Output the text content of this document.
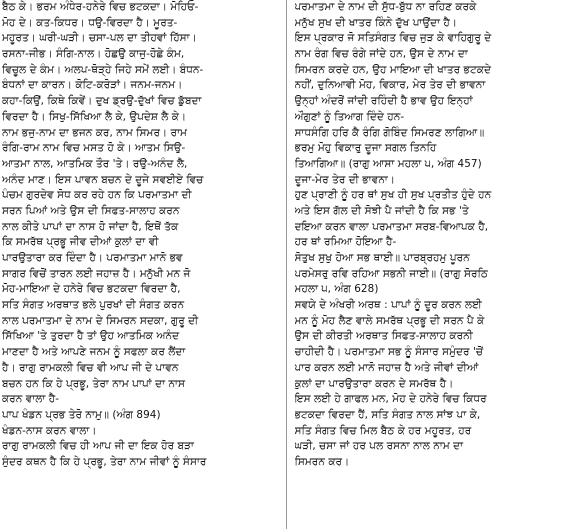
ਬੈਠ ਕੇ। ਭਰਮ ਅੰਧੇਰ-ਹਨੇਰੇ ਵਿਚ ਭਟਕਦਾ। ਮੋਹਿਓ-
ਮੋਹ ਦੇ। ਕਤ-ਕਿਧਰ। ਧਉ-ਵਿਰਦਾ ਹੈ। ਮੂਰਤ-
ਮਹੂਰਤ। ਘਰੀ-ਘੜੀ। ਚਸਾ-ਪਲ ਦਾ ਤੀਹਵਾਂ ਹਿੱਸਾ।
ਰਸਨਾ-ਜੀਭ। ਸੰਗਿ-ਨਾਲ। ਹੋਛਉ ਕਾਜੁ-ਹੋਛੇ ਕੰਮ,
ਵਿਚੂਲ ਦੇ ਕੰਮ। ਅਲਪ-ਥੋੜ੍ਹੇ ਜਿਹੇ ਸਮੇਂ ਲਈ। ਬੰਧਨ-
ਬੰਧਨਾਂ ਦਾ ਕਾਰਨ। ਕੋਟਿ-ਕਰੋੜਾਂ। ਜਨਮ-ਜਨਮ।
ਕਹਾ-ਕਿਉਂ, ਕਿਥੇ ਕਿਵੇਂ। ਦੁਖ ਡ੍ਰਉ-ਦੁੱਖਾਂ ਵਿਚ ਡੁੱਬਦਾ
ਵਿਰਦਾ ਹੈ। ਸਿਖੁ-ਸਿੱਖਿਆ ਲੈ ਕੇ, ਉਪਦੇਸ਼ ਲੈ ਕੇ।
ਨਾਮ ਭਜੁ-ਨਾਮ ਦਾ ਭਜਨ ਕਰ, ਨਾਮ ਸਿਮਰ। ਰਾਮ
ਰੰਗਿ-ਰਾਮ ਨਾਮ ਵਿਚ ਮਸਤ ਹੋ ਕੇ। ਆਤਮ ਸਿਉ-
ਆਤਮਾ ਨਾਲ, ਆਤਮਿਕ ਤੌਰ 'ਤੇ। ਰਉ-ਅਨੰਦ ਲੈ,
ਅਨੰਦ ਮਾਣ। ਇਸ ਪਾਵਨ ਬਚਨ ਦੇ ਦੂਜੇ ਸਵਈਏ ਵਿਚ
ਪੰਚਮ ਗੁਰਦੇਵ ਸੋਧ ਕਰ ਰਹੇ ਹਨ ਕਿ ਪਰਮਾਤਮਾ ਦੀ
ਸਰਨ ਪਿਆਂ ਅਤੇ ਉਸ ਦੀ ਸਿਫਤ-ਸਾਲਾਹ ਕਰਨ
ਨਾਲ ਕੀਤੇ ਪਾਪਾਂ ਦਾ ਨਾਸ ਹੋ ਜਾਂਦਾ ਹੈ, ਇਥੋਂ ਤੱਕ
ਕਿ ਸਮਰੱਥ ਪ੍ਰਭੂ ਜੀਵ ਦੀਆਂ ਕੁਲਾਂ ਦਾ ਵੀ
ਪਾਰਉਤਾਰਾ ਕਰ ਦਿੰਦਾ ਹੈ। ਪਰਮਾਤਮਾ ਮਾਨੋ ਭਵ
ਸਾਗਰ ਵਿਚੋਂ ਤਾਰਨ ਲਈ ਜਹਾਜ਼ ਹੈ। ਮਨੁੱਖੀ ਮਨ ਜੋ
ਮੋਹ-ਮਾਇਆ ਦੇ ਹਨੇਰੇ ਵਿਚ ਭਟਕਦਾ ਵਿਰਦਾ ਹੈ,
ਸਤਿ ਸੰਗਤ ਅਰਥਾਤ ਭਲੇ ਪੁਰਖਾਂ ਦੀ ਸੰਗਤ ਕਰਨ
ਨਾਲ ਪਰਮਾਤਮਾ ਦੇ ਨਾਮ ਦੇ ਸਿਮਰਨ ਸਦਕਾ, ਗੁਰੂ ਦੀ
ਸਿੱਖਿਆ 'ਤੇ ਤੁਰਦਾ ਹੈ ਤਾਂ ਉਹ ਆਤਮਿਕ ਅਨੰਦ
ਮਾਣਦਾ ਹੈ ਅਤੇ ਆਪਣੇ ਜਨਮ ਨੂੰ ਸਫਲਾ ਕਰ ਲੈਂਦਾ
ਹੈ। ਰਾਗੁ ਰਾਮਕਲੀ ਵਿਚ ਵੀ ਆਪ ਜੀ ਦੇ ਪਾਵਨ
ਬਚਨ ਹਨ ਕਿ ਹੇ ਪ੍ਰਭੂ, ਤੇਰਾ ਨਾਮ ਪਾਪਾਂ ਦਾ ਨਾਸ
ਕਰਨ ਵਾਲਾ ਹੈ-
ਪਾਪ ਖੰਡਨ ਪ੍ਰਭ ਤੇਰੋ ਨਾਮੁ॥ (ਅੰਗ 894)
ਖੰਡਨ-ਨਾਸ ਕਰਨ ਵਾਲਾ।
ਰਾਗੁ ਰਾਮਕਲੀ ਵਿਚ ਹੀ ਆਪ ਜੀ ਦਾ ਇਕ ਹੋਰ ਬੜਾ
ਸੁੰਦਰ ਕਥਨ ਹੈ ਕਿ ਹੇ ਪ੍ਰਭੂ, ਤੇਰਾ ਨਾਮ ਜੀਵਾਂ ਨੂੰ ਸੰਸਾਰ
ਪਰਮਾਤਮਾ ਦੇ ਨਾਮ ਦੀ ਸੁੱਧ-ਬੁੱਧ ਨਾ ਰਹਿਣ ਕਰਕੇ
ਮਨੁੱਖ ਸੁਖ ਦੀ ਖਾਤਰ ਕਿੰਨੇ ਦੁੱਖ ਪਾਉਂਦਾ ਹੈ।
ਇਸ ਪ੍ਰਕਾਰ ਜੋ ਸਤਿਸੰਗਤ ਵਿਚ ਜੁੜ ਕੇ ਵਾਹਿਗੁਰੂ ਦੇ
ਨਾਮ ਰੰਗ ਵਿਚ ਰੰਗੇ ਜਾਂਦੇ ਹਨ, ਉਸ ਦੇ ਨਾਮ ਦਾ
ਸਿਮਰਨ ਕਰਦੇ ਹਨ, ਉਹ ਮਾਇਆ ਦੀ ਖਾਤਰ ਭਟਕਦੇ
ਨਹੀਂ, ਦੁਨਿਆਵੀ ਮੋਹ, ਵਿਕਾਰ, ਮੇਰ ਤੇਰ ਦੀ ਭਾਵਨਾ
ਉਨ੍ਹਾਂ ਅੰਦਰੋਂ ਜਾਂਦੀ ਰਹਿੰਦੀ ਹੈ ਭਾਵ ਉਹ ਇਨ੍ਹਾਂ
ਔਗੁਣਾਂ ਨੂੰ ਤਿਆਗ ਦਿੰਦੇ ਹਨ-
ਸਾਧਸੰਗਿ ਹਰਿ ਕੈ ਰੰਗਿ ਗੋਬਿੰਦ ਸਿਮਰਣ ਲਾਗਿਆ॥
ਭਰਮੁ ਮੋਹੁ ਵਿਕਾਰੁ ਦੂਜਾ ਸਗਲ ਤਿਨਹਿ
ਤਿਆਗਿਆ॥ (ਰਾਗੁ ਆਸਾ ਮਹਲਾ ੫, ਅੰਗ 457)
ਦੂਜਾ-ਮੇਰ ਤੇਰ ਦੀ ਭਾਵਨਾ।
ਹੁਣ ਪ੍ਰਾਣੀ ਨੂੰ ਹਰ ਥਾਂ ਸੁਖ ਹੀ ਸੁਖ ਪ੍ਰਤੀਤ ਹੁੰਦੇ ਹਨ
ਅਤੇ ਇਸ ਗੱਲ ਦੀ ਸੋਝੀ ਪੈ ਜਾਂਦੀ ਹੈ ਕਿ ਸਭ 'ਤੇ
ਦਇਆ ਕਰਨ ਵਾਲਾ ਪਰਮਾਤਮਾ ਸਰਬ-ਵਿਆਪਕ ਹੈ,
ਹਰ ਥਾਂ ਰਮਿਆ ਹੋਇਆ ਹੈ-
ਸੋਤੁਖ ਸੁਖੁ ਹੋਆ ਸਭ ਥਾਈ॥ ਪਾਰਬ੍ਰਹਮੁ ਪੂਰਨ
ਪਰਮੇਸਰੁ ਰਵਿ ਰਹਿਆ ਸਭਨੀ ਜਾਈ॥ (ਰਾਗੁ ਸੋਰਠਿ
ਮਹਲਾ ੫, ਅੰਗ 628)
ਸਵਯੇ ਦੇ ਅੰਖਰੀ ਅਰਥ : ਪਾਪਾਂ ਨੂੰ ਦੂਰ ਕਰਨ ਲਈ
ਮਨ ਨੂੰ ਮੋਹ ਲੈਣ ਵਾਲੇ ਸਮਰੱਥ ਪ੍ਰਭੂ ਦੀ ਸਰਨ ਪੈ ਕੇ
ਉਸ ਦੀ ਕੀਰਤੀ ਅਰਥਾਤ ਸਿਫਤ-ਸਾਲਾਹ ਕਰਨੀ
ਚਾਹੀਦੀ ਹੈ। ਪਰਮਾਤਮਾ ਸਭ ਨੂੰ ਸੰਸਾਰ ਸਮੁੰਦਰ 'ਚੋਂ
ਪਾਰ ਕਰਨ ਲਈ ਮਾਨੋ ਜਹਾਜ਼ ਹੈ ਅਤੇ ਜੀਵਾਂ ਦੀਆਂ
ਕੁਲਾਂ ਦਾ ਪਾਰਉਤਾਰਾ ਕਰਨ ਦੇ ਸਮਰੱਥ ਹੈ।
ਇਸ ਲਈ ਹੇ ਗਾਫਲ ਮਨ, ਮੋਹ ਦੇ ਹਨੇਰੇ ਵਿਚ ਕਿਧਰ
ਭਟਕਦਾ ਵਿਰਦਾ ਹੈਂ, ਸਤਿ ਸੰਗਤ ਨਾਲ ਸਾਂਝ ਪਾ ਕੇ,
ਸਤਿ ਸੰਗਤ ਵਿਚ ਮਿਲ ਬੈਠ ਕੇ ਹਰ ਮਹੂਰਤ, ਹਰ
ਘੜੀ, ਚਸਾ ਜਾਂ ਹਰ ਪਲ ਰਸਨਾ ਨਾਲ ਨਾਮ ਦਾ
ਸਿਮਰਨ ਕਰ।
